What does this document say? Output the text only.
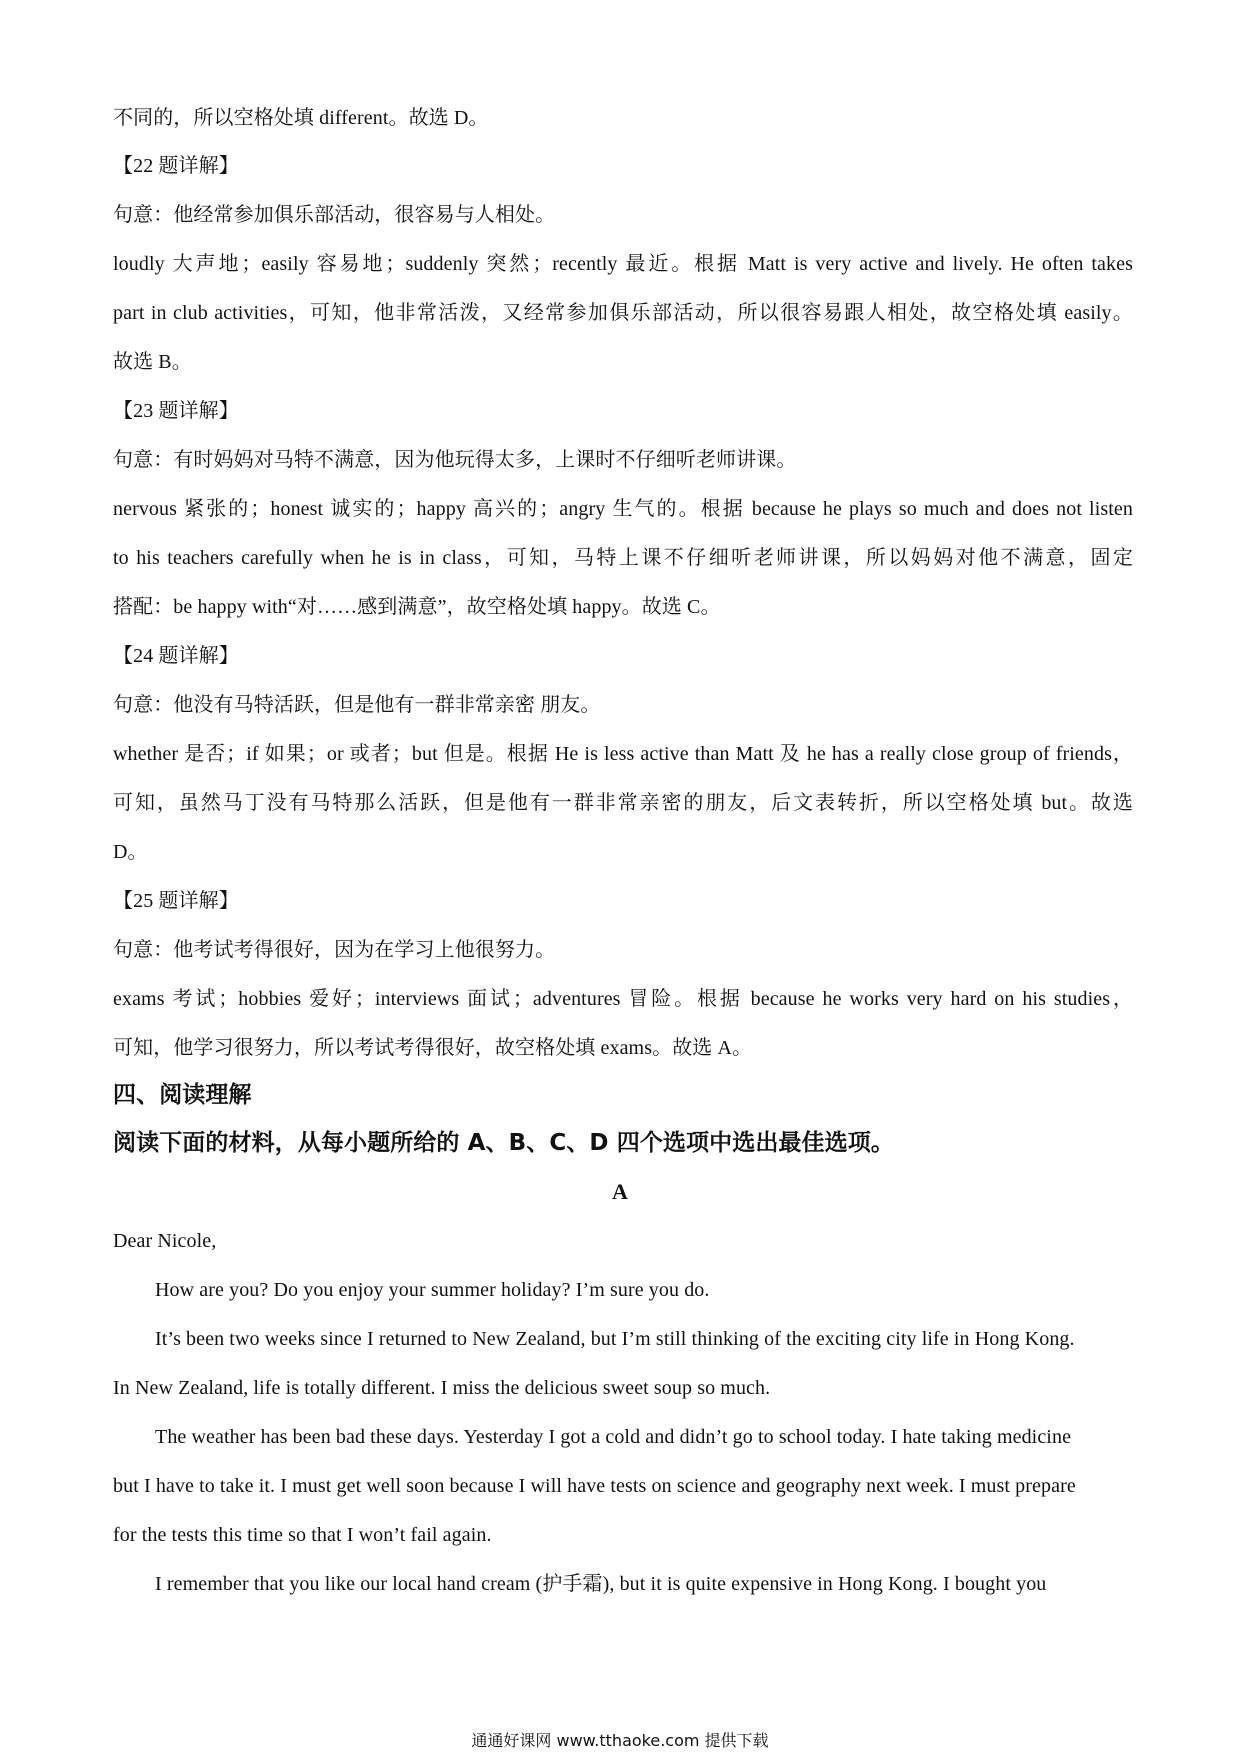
不同的，所以空格处填 different。故选 D。
【22 题详解】
句意：他经常参加俱乐部活动，很容易与人相处。
loudly 大声地；easily 容易地；suddenly 突然；recently 最近。根据 Matt is very active and lively. He often takes
part in club activities，可知，他非常活泼，又经常参加俱乐部活动，所以很容易跟人相处，故空格处填 easily。
故选 B。
【23 题详解】
句意：有时妈妈对马特不满意，因为他玩得太多，上课时不仔细听老师讲课。
nervous 紧张的；honest 诚实的；happy 高兴的；angry 生气的。根据 because he plays so much and does not listen
to his teachers carefully when he is in class，可知，马特上课不仔细听老师讲课，所以妈妈对他不满意，固定
搭配：be happy with“对……感到满意”，故空格处填 happy。故选 C。
【24 题详解】
句意：他没有马特活跃，但是他有一群非常亲密 朋友。
whether 是否；if 如果；or 或者；but 但是。根据 He is less active than Matt 及 he has a really close group of friends，
可知，虽然马丁没有马特那么活跃，但是他有一群非常亲密的朋友，后文表转折，所以空格处填 but。故选
D。
【25 题详解】
句意：他考试考得很好，因为在学习上他很努力。
exams 考试；hobbies 爱好；interviews 面试；adventures 冒险。根据 because he works very hard on his studies，
可知，他学习很努力，所以考试考得很好，故空格处填 exams。故选 A。
四、阅读理解
阅读下面的材料，从每小题所给的 A、B、C、D 四个选项中选出最佳选项。
A
Dear Nicole,
How are you? Do you enjoy your summer holiday? I’m sure you do.
It’s been two weeks since I returned to New Zealand, but I’m still thinking of the exciting city life in Hong Kong.
In New Zealand, life is totally different. I miss the delicious sweet soup so much.
The weather has been bad these days. Yesterday I got a cold and didn’t go to school today. I hate taking medicine
but I have to take it. I must get well soon because I will have tests on science and geography next week. I must prepare
for the tests this time so that I won’t fail again.
I remember that you like our local hand cream (护手霜), but it is quite expensive in Hong Kong. I bought you
通通好课网 www.tthaoke.com 提供下载
